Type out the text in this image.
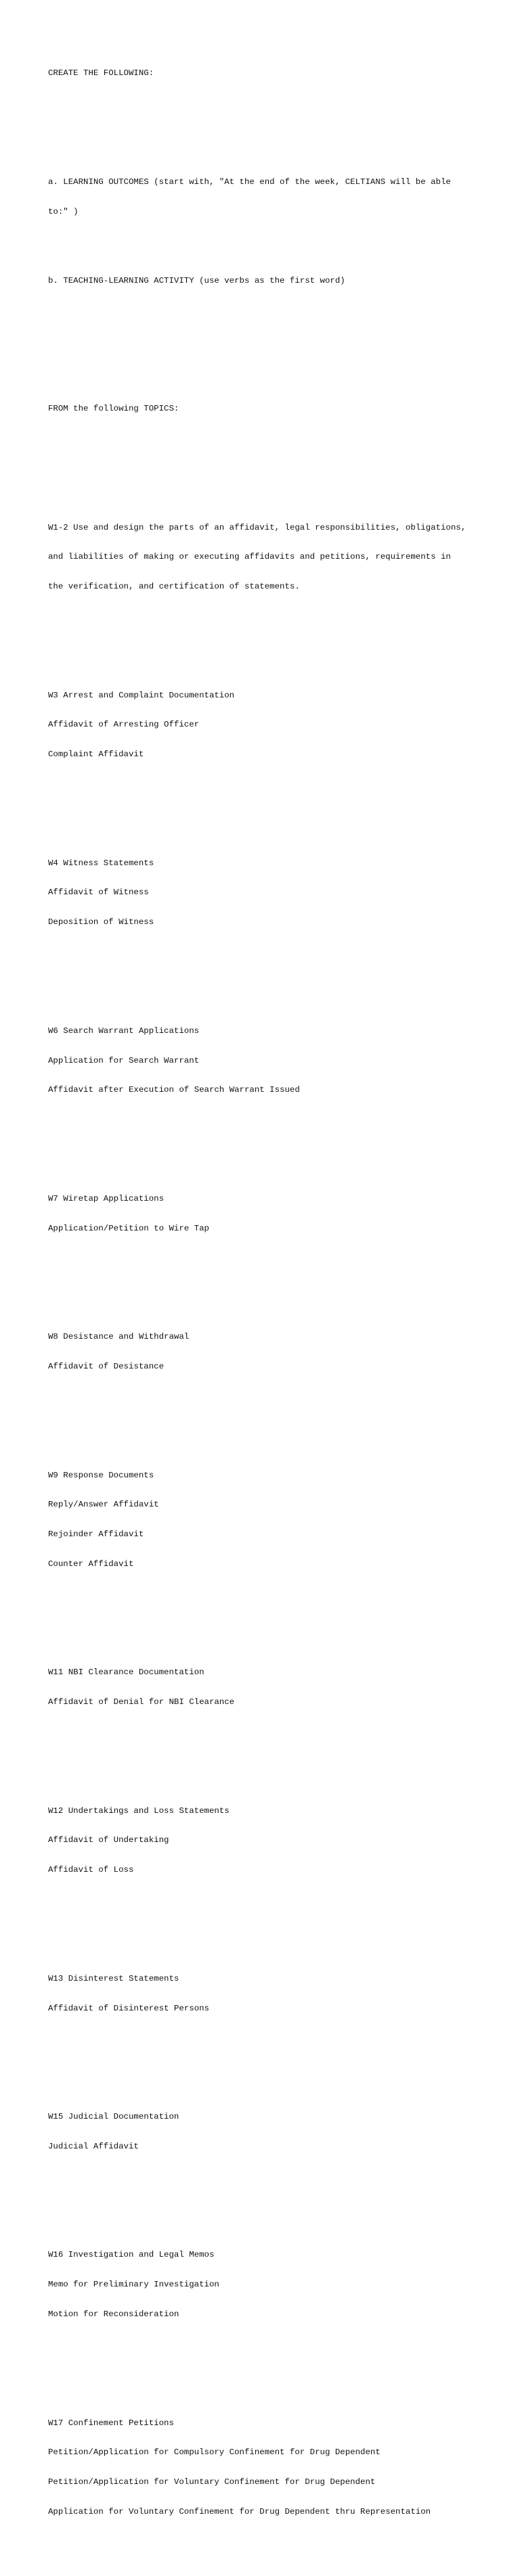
CREATE THE FOLLOWING:

a. LEARNING OUTCOMES (start with, "At the end of the week, CELTIANS will be able

to:" )

b. TEACHING-LEARNING ACTIVITY (use verbs as the first word)

FROM the following TOPICS:

W1-2 Use and design the parts of an affidavit, legal responsibilities, obligations,

and liabilities of making or executing affidavits and petitions, requirements in

the verification, and certification of statements.

W3 Arrest and Complaint Documentation

Affidavit of Arresting Officer

Complaint Affidavit

W4 Witness Statements

Affidavit of Witness

Deposition of Witness

W6 Search Warrant Applications

Application for Search Warrant

Affidavit after Execution of Search Warrant Issued

W7 Wiretap Applications

Application/Petition to Wire Tap

W8 Desistance and Withdrawal

Affidavit of Desistance

W9 Response Documents

Reply/Answer Affidavit

Rejoinder Affidavit

Counter Affidavit

W11 NBI Clearance Documentation

Affidavit of Denial for NBI Clearance

W12 Undertakings and Loss Statements

Affidavit of Undertaking

Affidavit of Loss

W13 Disinterest Statements

Affidavit of Disinterest Persons

W15 Judicial Documentation

Judicial Affidavit

W16 Investigation and Legal Memos

Memo for Preliminary Investigation

Motion for Reconsideration

W17 Confinement Petitions

Petition/Application for Compulsory Confinement for Drug Dependent

Petition/Application for Voluntary Confinement for Drug Dependent

Application for Voluntary Confinement for Drug Dependent thru Representation
